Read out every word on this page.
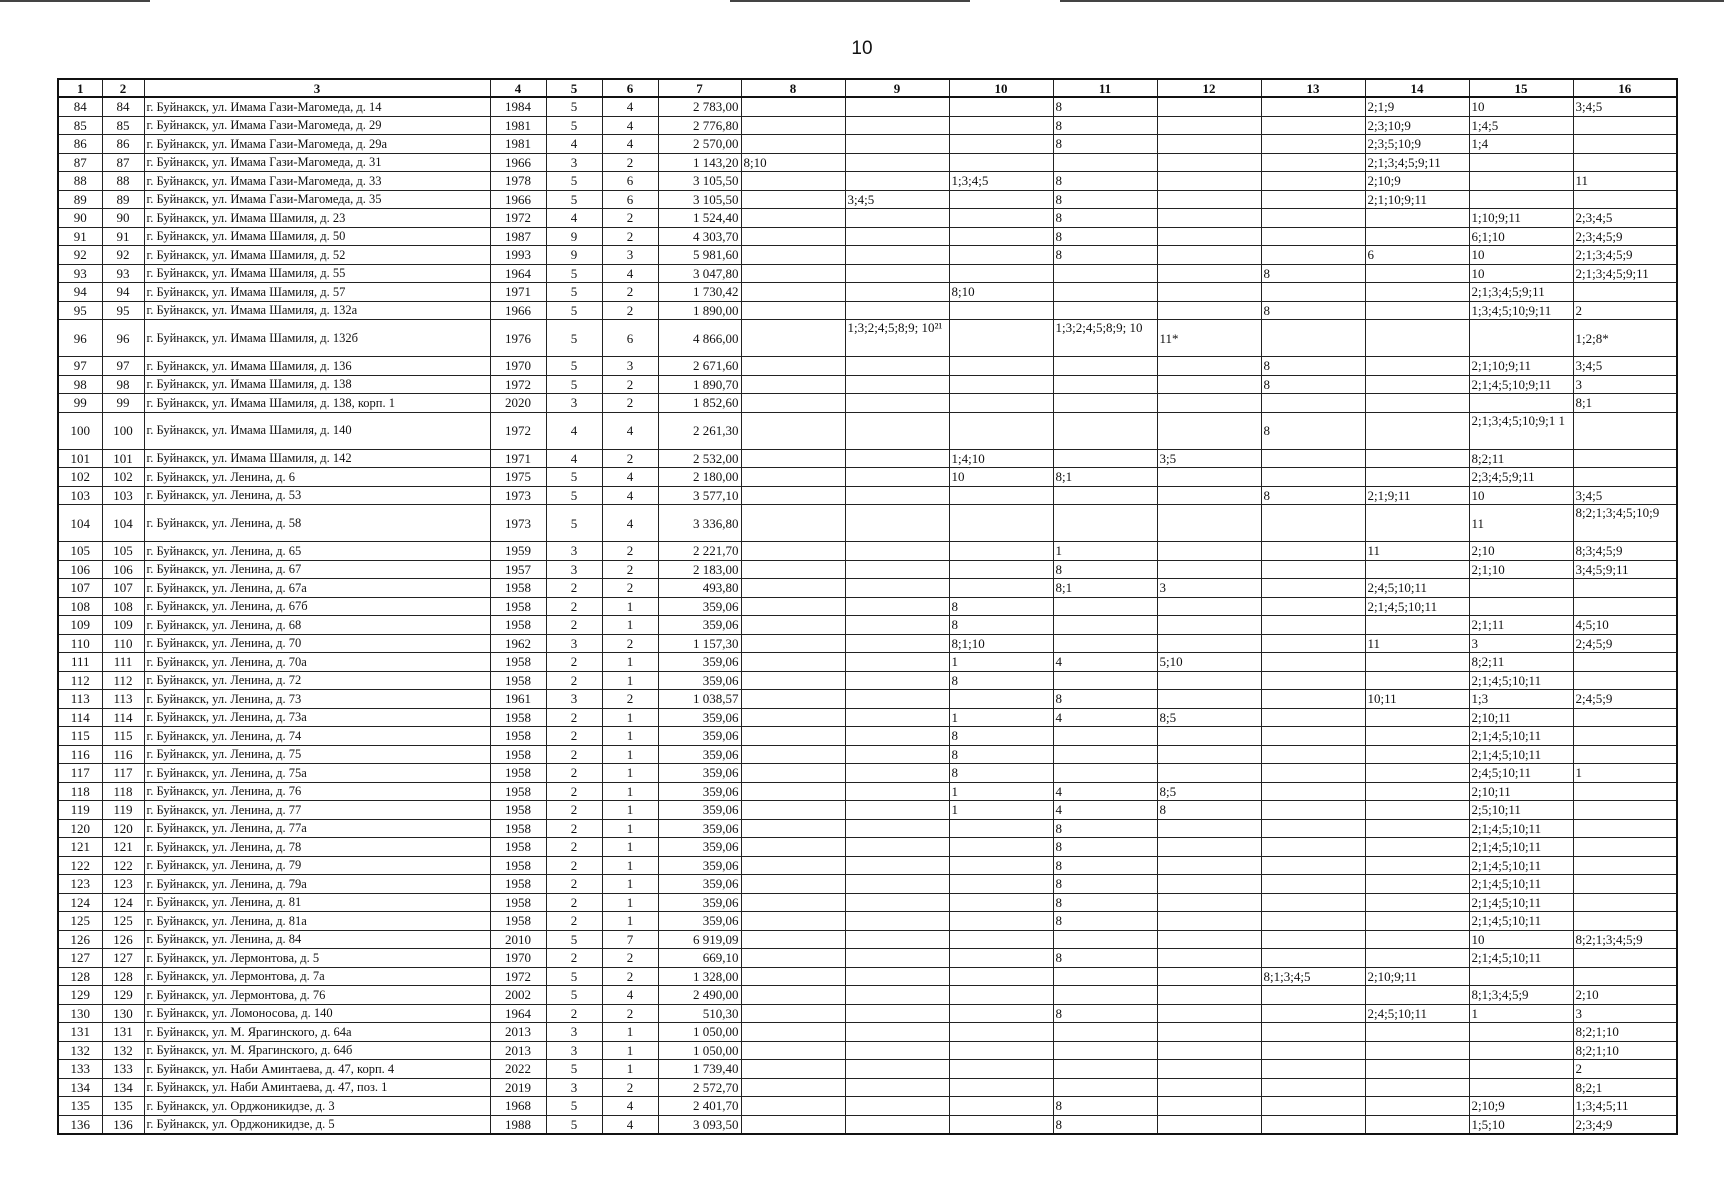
10
1	2	3	4	5	6	7	8	9	10	11	12	13	14	15	16
84	84	г. Буйнакск, ул. Имама Гази-Магомеда, д. 14	1984	5	4	2 783,00				8			2;1;9	10	3;4;5
85	85	г. Буйнакск, ул. Имама Гази-Магомеда, д. 29	1981	5	4	2 776,80				8			2;3;10;9	1;4;5	
86	86	г. Буйнакск, ул. Имама Гази-Магомеда, д. 29а	1981	4	4	2 570,00				8			2;3;5;10;9	1;4	
87	87	г. Буйнакск, ул. Имама Гази-Магомеда, д. 31	1966	3	2	1 143,20	8;10						2;1;3;4;5;9;11		
88	88	г. Буйнакск, ул. Имама Гази-Магомеда, д. 33	1978	5	6	3 105,50			1;3;4;5	8			2;10;9		11
89	89	г. Буйнакск, ул. Имама Гази-Магомеда, д. 35	1966	5	6	3 105,50		3;4;5		8			2;1;10;9;11		
90	90	г. Буйнакск, ул. Имама Шамиля, д. 23	1972	4	2	1 524,40				8				1;10;9;11	2;3;4;5
91	91	г. Буйнакск, ул. Имама Шамиля, д. 50	1987	9	2	4 303,70				8				6;1;10	2;3;4;5;9
92	92	г. Буйнакск, ул. Имама Шамиля, д. 52	1993	9	3	5 981,60				8			6	10	2;1;3;4;5;9
93	93	г. Буйнакск, ул. Имама Шамиля, д. 55	1964	5	4	3 047,80						8		10	2;1;3;4;5;9;11
94	94	г. Буйнакск, ул. Имама Шамиля, д. 57	1971	5	2	1 730,42			8;10					2;1;3;4;5;9;11	
95	95	г. Буйнакск, ул. Имама Шамиля, д. 132а	1966	5	2	1 890,00						8		1;3;4;5;10;9;11	2
96	96	г. Буйнакск, ул. Имама Шамиля, д. 132б	1976	5	6	4 866,00		1;3;2;4;5;8;9; 10²¹		1;3;2;4;5;8;9; 10	11*				1;2;8*
97	97	г. Буйнакск, ул. Имама Шамиля, д. 136	1970	5	3	2 671,60						8		2;1;10;9;11	3;4;5
98	98	г. Буйнакск, ул. Имама Шамиля, д. 138	1972	5	2	1 890,70						8		2;1;4;5;10;9;11	3
99	99	г. Буйнакск, ул. Имама Шамиля, д. 138, корп. 1	2020	3	2	1 852,60									8;1
100	100	г. Буйнакск, ул. Имама Шамиля, д. 140	1972	4	4	2 261,30						8		2;1;3;4;5;10;9;1 1	
101	101	г. Буйнакск, ул. Имама Шамиля, д. 142	1971	4	2	2 532,00			1;4;10		3;5			8;2;11	
102	102	г. Буйнакск, ул. Ленина, д. 6	1975	5	4	2 180,00			10	8;1				2;3;4;5;9;11	
103	103	г. Буйнакск, ул. Ленина, д. 53	1973	5	4	3 577,10						8	2;1;9;11	10	3;4;5
104	104	г. Буйнакск, ул. Ленина, д. 58	1973	5	4	3 336,80								11	8;2;1;3;4;5;10;9
105	105	г. Буйнакск, ул. Ленина, д. 65	1959	3	2	2 221,70				1			11	2;10	8;3;4;5;9
106	106	г. Буйнакск, ул. Ленина, д. 67	1957	3	2	2 183,00				8				2;1;10	3;4;5;9;11
107	107	г. Буйнакск, ул. Ленина, д. 67а	1958	2	2	493,80				8;1	3		2;4;5;10;11		
108	108	г. Буйнакск, ул. Ленина, д. 67б	1958	2	1	359,06			8				2;1;4;5;10;11		
109	109	г. Буйнакск, ул. Ленина, д. 68	1958	2	1	359,06			8					2;1;11	4;5;10
110	110	г. Буйнакск, ул. Ленина, д. 70	1962	3	2	1 157,30			8;1;10				11	3	2;4;5;9
111	111	г. Буйнакск, ул. Ленина, д. 70а	1958	2	1	359,06			1	4	5;10			8;2;11	
112	112	г. Буйнакск, ул. Ленина, д. 72	1958	2	1	359,06			8					2;1;4;5;10;11	
113	113	г. Буйнакск, ул. Ленина, д. 73	1961	3	2	1 038,57				8			10;11	1;3	2;4;5;9
114	114	г. Буйнакск, ул. Ленина, д. 73а	1958	2	1	359,06			1	4	8;5			2;10;11	
115	115	г. Буйнакск, ул. Ленина, д. 74	1958	2	1	359,06			8					2;1;4;5;10;11	
116	116	г. Буйнакск, ул. Ленина, д. 75	1958	2	1	359,06			8					2;1;4;5;10;11	
117	117	г. Буйнакск, ул. Ленина, д. 75а	1958	2	1	359,06			8					2;4;5;10;11	1
118	118	г. Буйнакск, ул. Ленина, д. 76	1958	2	1	359,06			1	4	8;5			2;10;11	
119	119	г. Буйнакск, ул. Ленина, д. 77	1958	2	1	359,06			1	4	8			2;5;10;11	
120	120	г. Буйнакск, ул. Ленина, д. 77а	1958	2	1	359,06				8				2;1;4;5;10;11	
121	121	г. Буйнакск, ул. Ленина, д. 78	1958	2	1	359,06				8				2;1;4;5;10;11	
122	122	г. Буйнакск, ул. Ленина, д. 79	1958	2	1	359,06				8				2;1;4;5;10;11	
123	123	г. Буйнакск, ул. Ленина, д. 79а	1958	2	1	359,06				8				2;1;4;5;10;11	
124	124	г. Буйнакск, ул. Ленина, д. 81	1958	2	1	359,06				8				2;1;4;5;10;11	
125	125	г. Буйнакск, ул. Ленина, д. 81а	1958	2	1	359,06				8				2;1;4;5;10;11	
126	126	г. Буйнакск, ул. Ленина, д. 84	2010	5	7	6 919,09								10	8;2;1;3;4;5;9
127	127	г. Буйнакск, ул. Лермонтова, д. 5	1970	2	2	669,10				8				2;1;4;5;10;11	
128	128	г. Буйнакск, ул. Лермонтова, д. 7а	1972	5	2	1 328,00						8;1;3;4;5	2;10;9;11		
129	129	г. Буйнакск, ул. Лермонтова, д. 76	2002	5	4	2 490,00								8;1;3;4;5;9	2;10
130	130	г. Буйнакск, ул. Ломоносова, д. 140	1964	2	2	510,30				8			2;4;5;10;11	1	3
131	131	г. Буйнакск, ул. М. Ярагинского, д. 64а	2013	3	1	1 050,00									8;2;1;10
132	132	г. Буйнакск, ул. М. Ярагинского, д. 64б	2013	3	1	1 050,00									8;2;1;10
133	133	г. Буйнакск, ул. Наби Аминтаева, д. 47, корп. 4	2022	5	1	1 739,40									2
134	134	г. Буйнакск, ул. Наби Аминтаева, д. 47, поз. 1	2019	3	2	2 572,70									8;2;1
135	135	г. Буйнакск, ул. Орджоникидзе, д. 3	1968	5	4	2 401,70				8				2;10;9	1;3;4;5;11
136	136	г. Буйнакск, ул. Орджоникидзе, д. 5	1988	5	4	3 093,50				8				1;5;10	2;3;4;9
